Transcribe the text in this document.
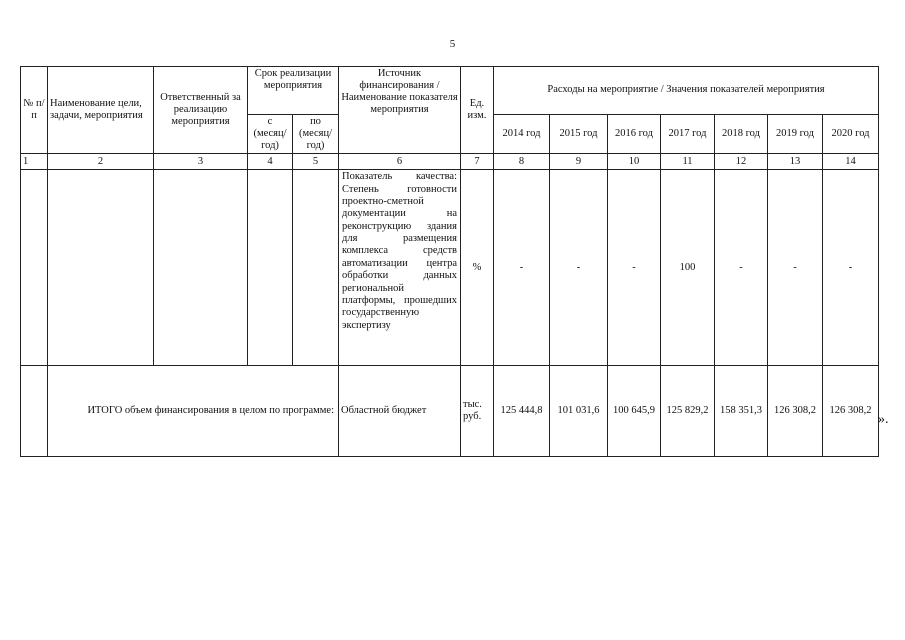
5
№ п/п	Наименование цели, задачи, мероприятия	Ответственный за реализацию мероприятия	Срок реализации мероприятия		Источник финансирования / Наименование показателя мероприятия	Ед. изм.	Расходы на мероприятие / Значения показателей мероприятия						
			с (месяц/ год)	по (месяц/ год)			2014 год	2015 год	2016 год	2017 год	2018 год	2019 год	2020 год
1	2	3	4	5	6	7	8	9	10	11	12	13	14
					Показатель качества: Степень готовности проектно-сметной документации на реконструкцию здания для размещения комплекса средств автоматизации центра обработки данных региональной платформы, прошедших государственную экспертизу	%	-	-	-	100	-	-	-
	ИТОГО объем финансирования в целом по программе:				Областной бюджет	тыс. руб.	125 444,8	101 031,6	100 645,9	125 829,2	158 351,3	126 308,2	126 308,2
».
